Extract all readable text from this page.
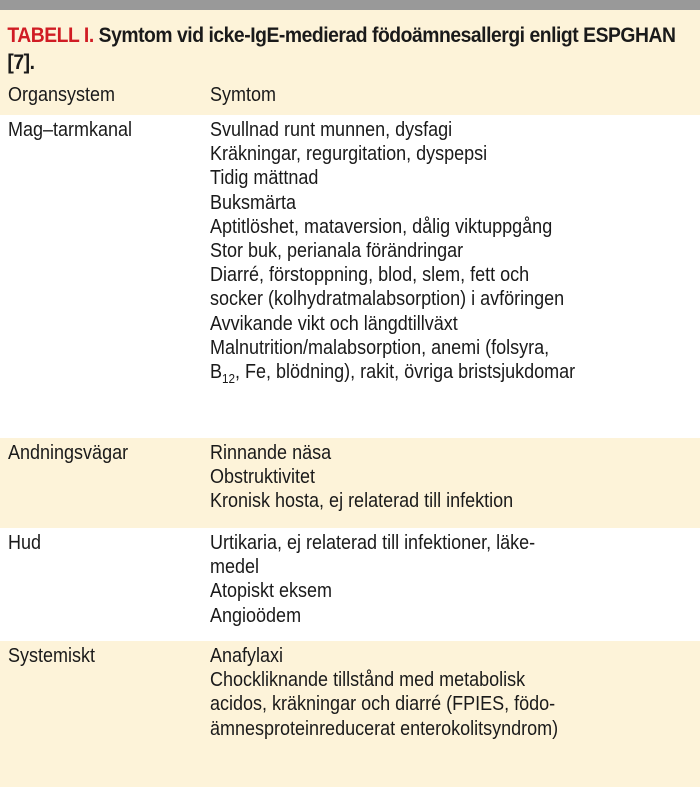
TABELL I. Symtom vid icke-IgE-medierad födoämnesallergi enligt ESPGHAN [7].
Organsystem	Symtom
Mag–tarmkanal	Svullnad runt munnen, dysfagi
Kräkningar, regurgitation, dyspepsi
Tidig mättnad
Buksmärta
Aptitlöshet, mataversion, dålig viktuppgång
Stor buk, perianala förändringar
Diarré, förstoppning, blod, slem, fett och
socker (kolhydratmalabsorption) i avföringen
Avvikande vikt och längdtillväxt
Malnutrition/malabsorption, anemi (folsyra,
$B_{12}$, Fe, blödning), rakit, övriga bristsjukdomar
Andningsvägar	Rinnande näsa
Obstruktivitet
Kronisk hosta, ej relaterad till infektion
Hud	Urtikaria, ej relaterad till infektioner, läke-
medel
Atopiskt eksem
Angioödem
Systemiskt	Anafylaxi
Chockliknande tillstånd med metabolisk
acidos, kräkningar och diarré (FPIES, födo-
ämnesproteinreducerat enterokolitsyndrom)
